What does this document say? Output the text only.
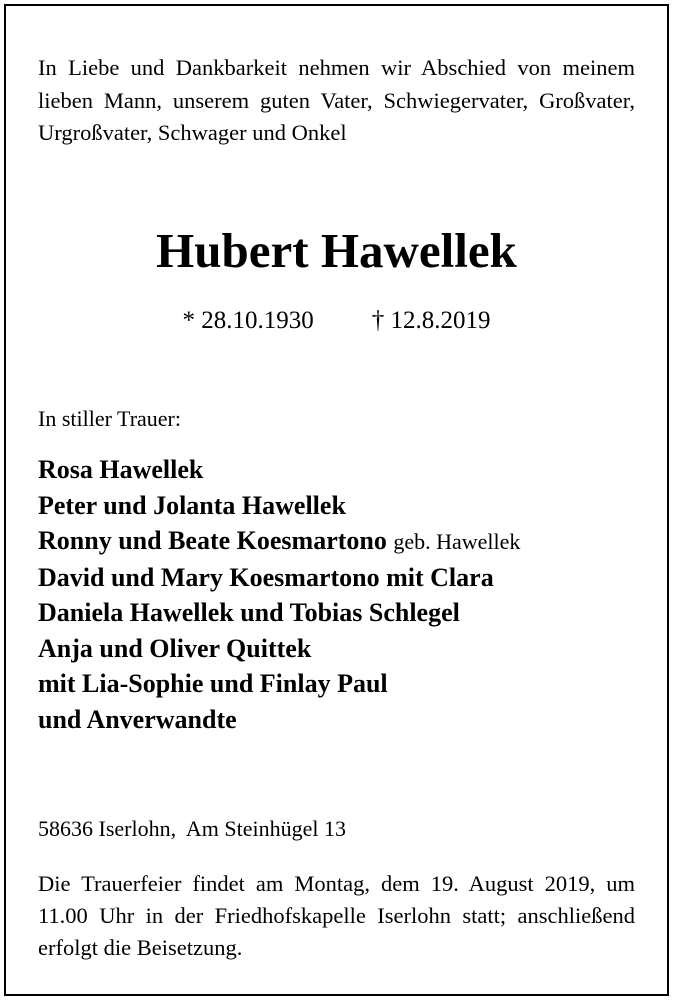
In Liebe und Dankbarkeit nehmen wir Abschied von meinem lieben Mann, unserem guten Vater, Schwiegervater, Großvater, Urgroßvater, Schwager und Onkel
Hubert Hawellek
* 28.10.1930 † 12.8.2019
In stiller Trauer:
Rosa Hawellek
Peter und Jolanta Hawellek
Ronny und Beate Koesmartono geb. Hawellek
David und Mary Koesmartono mit Clara
Daniela Hawellek und Tobias Schlegel
Anja und Oliver Quittek
mit Lia-Sophie und Finlay Paul
und Anverwandte
58636 Iserlohn,  Am Steinhügel 13
Die Trauerfeier findet am Montag, dem 19. August 2019, um 11.00 Uhr in der Friedhofskapelle Iserlohn statt; anschließend erfolgt die Beisetzung.
